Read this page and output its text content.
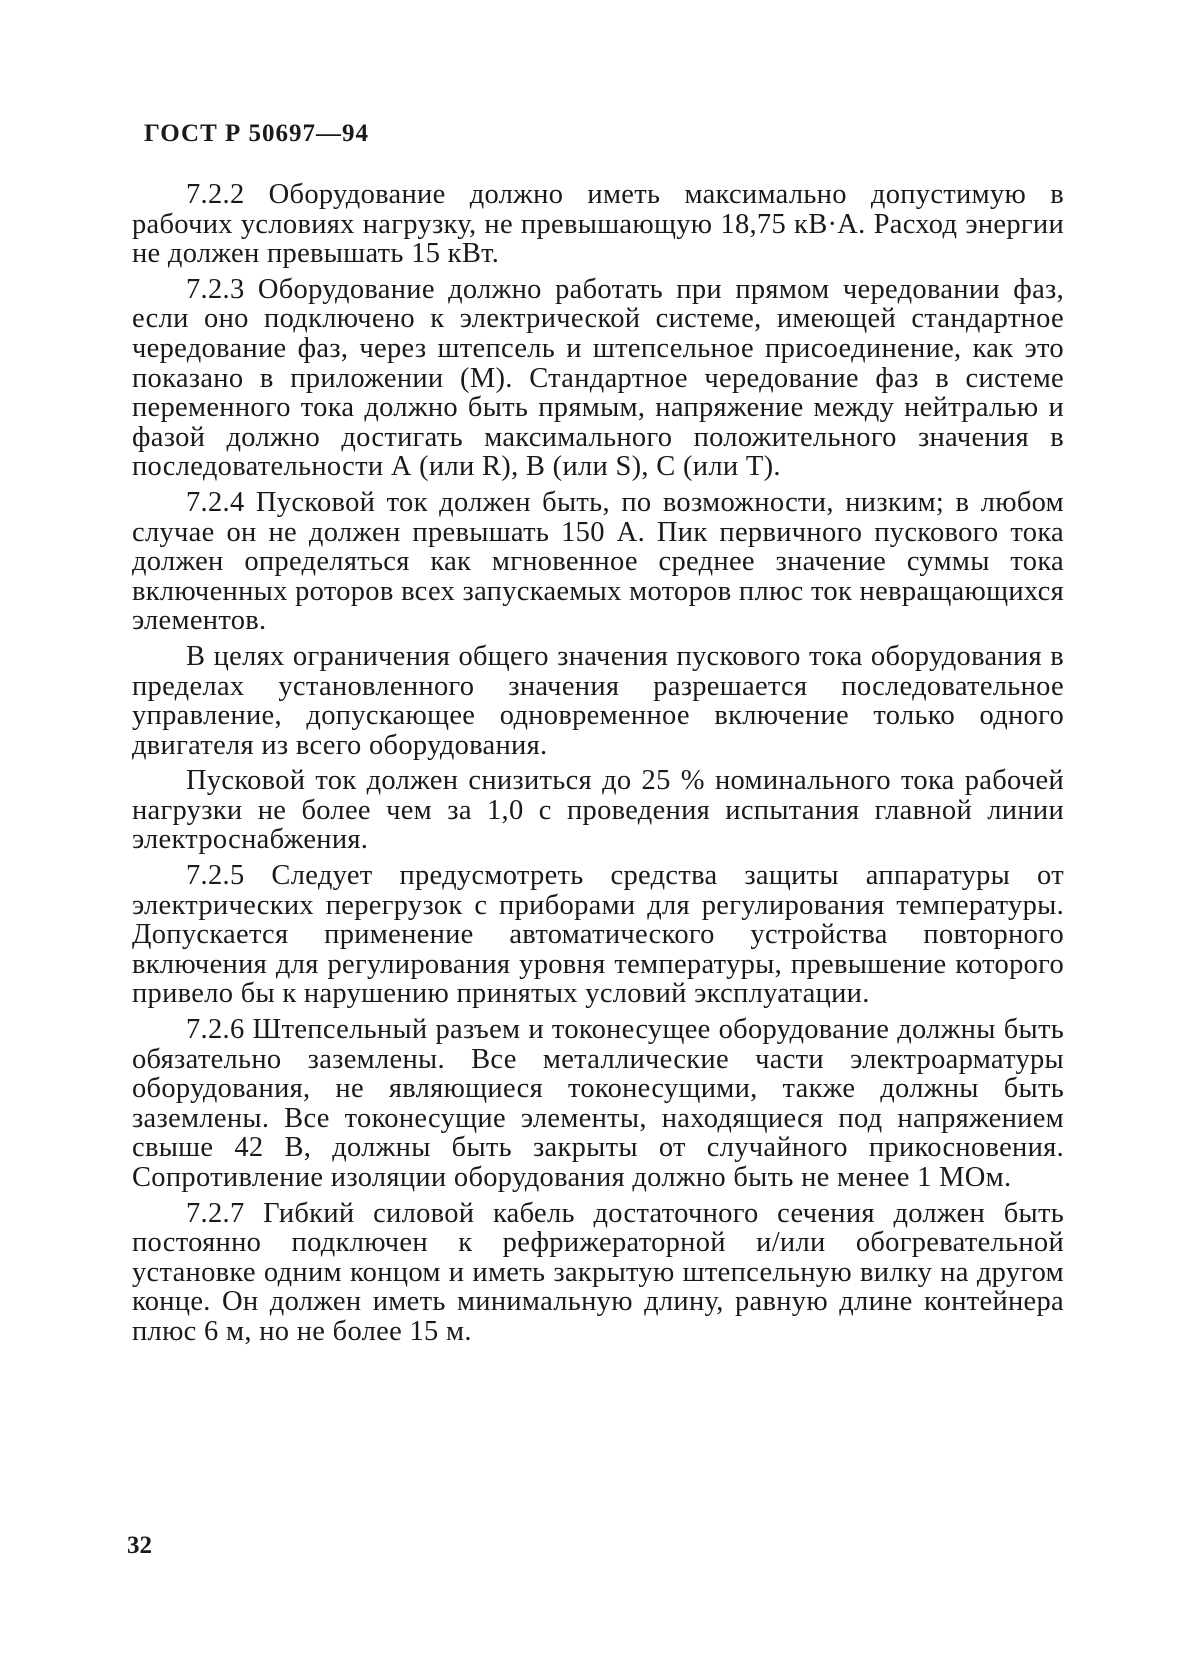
ГОСТ Р 50697—94

7.2.2 Оборудование должно иметь максимально допустимую в рабочих условиях нагрузку, не превышающую 18,75 кВ·А. Расход энергии не должен превышать 15 кВт.

7.2.3 Оборудование должно работать при прямом чередовании фаз, если оно подключено к электрической системе, имеющей стандартное чередование фаз, через штепсель и штепсельное присоединение, как это показано в приложении (М). Стандартное чередование фаз в системе переменного тока должно быть прямым, напряжение между нейтралью и фазой должно достигать максимального положительного значения в последовательности А (или R), В (или S), С (или Т).

7.2.4 Пусковой ток должен быть, по возможности, низким; в любом случае он не должен превышать 150 А. Пик первичного пускового тока должен определяться как мгновенное среднее значение суммы тока включенных роторов всех запускаемых моторов плюс ток невращающихся элементов.

В целях ограничения общего значения пускового тока оборудования в пределах установленного значения разрешается последовательное управление, допускающее одновременное включение только одного двигателя из всего оборудования.

Пусковой ток должен снизиться до 25 % номинального тока рабочей нагрузки не более чем за 1,0 с проведения испытания главной линии электроснабжения.

7.2.5 Следует предусмотреть средства защиты аппаратуры от электрических перегрузок с приборами для регулирования температуры. Допускается применение автоматического устройства повторного включения для регулирования уровня температуры, превышение которого привело бы к нарушению принятых условий эксплуатации.

7.2.6 Штепсельный разъем и токонесущее оборудование должны быть обязательно заземлены. Все металлические части электроарматуры оборудования, не являющиеся токонесущими, также должны быть заземлены. Все токонесущие элементы, находящиеся под напряжением свыше 42 В, должны быть закрыты от случайного прикосновения. Сопротивление изоляции оборудования должно быть не менее 1 МОм.

7.2.7 Гибкий силовой кабель достаточного сечения должен быть постоянно подключен к рефрижераторной и/или обогревательной установке одним концом и иметь закрытую штепсельную вилку на другом конце. Он должен иметь минимальную длину, равную длине контейнера плюс 6 м, но не более 15 м.

32
